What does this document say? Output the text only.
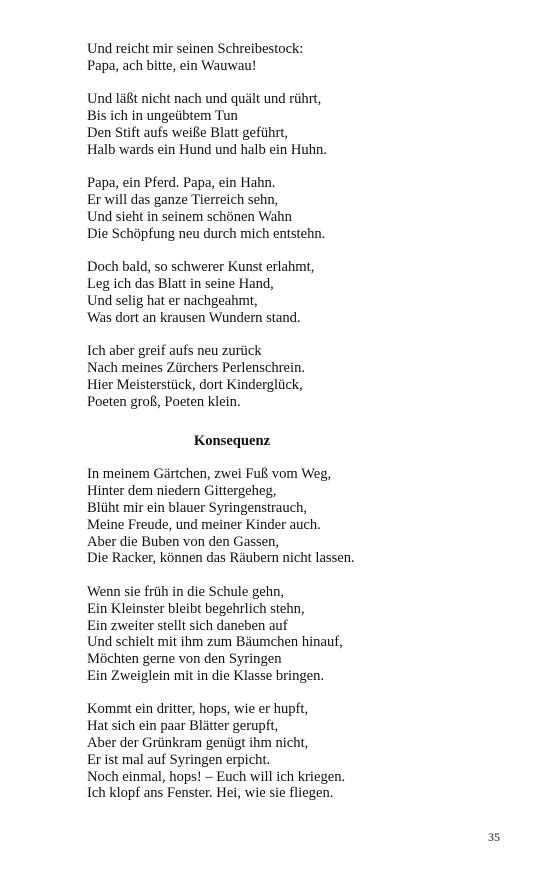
Und reicht mir seinen Schreibestock:
Papa, ach bitte, ein Wauwau!
Und läßt nicht nach und quält und rührt,
Bis ich in ungeübtem Tun
Den Stift aufs weiße Blatt geführt,
Halb wards ein Hund und halb ein Huhn.
Papa, ein Pferd. Papa, ein Hahn.
Er will das ganze Tierreich sehn,
Und sieht in seinem schönen Wahn
Die Schöpfung neu durch mich entstehn.
Doch bald, so schwerer Kunst erlahmt,
Leg ich das Blatt in seine Hand,
Und selig hat er nachgeahmt,
Was dort an krausen Wundern stand.
Ich aber greif aufs neu zurück
Nach meines Zürchers Perlenschrein.
Hier Meisterstück, dort Kinderglück,
Poeten groß, Poeten klein.
Konsequenz
In meinem Gärtchen, zwei Fuß vom Weg,
Hinter dem niedern Gittergeheg,
Blüht mir ein blauer Syringenstrauch,
Meine Freude, und meiner Kinder auch.
Aber die Buben von den Gassen,
Die Racker, können das Räubern nicht lassen.
Wenn sie früh in die Schule gehn,
Ein Kleinster bleibt begehrlich stehn,
Ein zweiter stellt sich daneben auf
Und schielt mit ihm zum Bäumchen hinauf,
Möchten gerne von den Syringen
Ein Zweiglein mit in die Klasse bringen.
Kommt ein dritter, hops, wie er hupft,
Hat sich ein paar Blätter gerupft,
Aber der Grünkram genügt ihm nicht,
Er ist mal auf Syringen erpicht.
Noch einmal, hops! – Euch will ich kriegen.
Ich klopf ans Fenster. Hei, wie sie fliegen.
35
